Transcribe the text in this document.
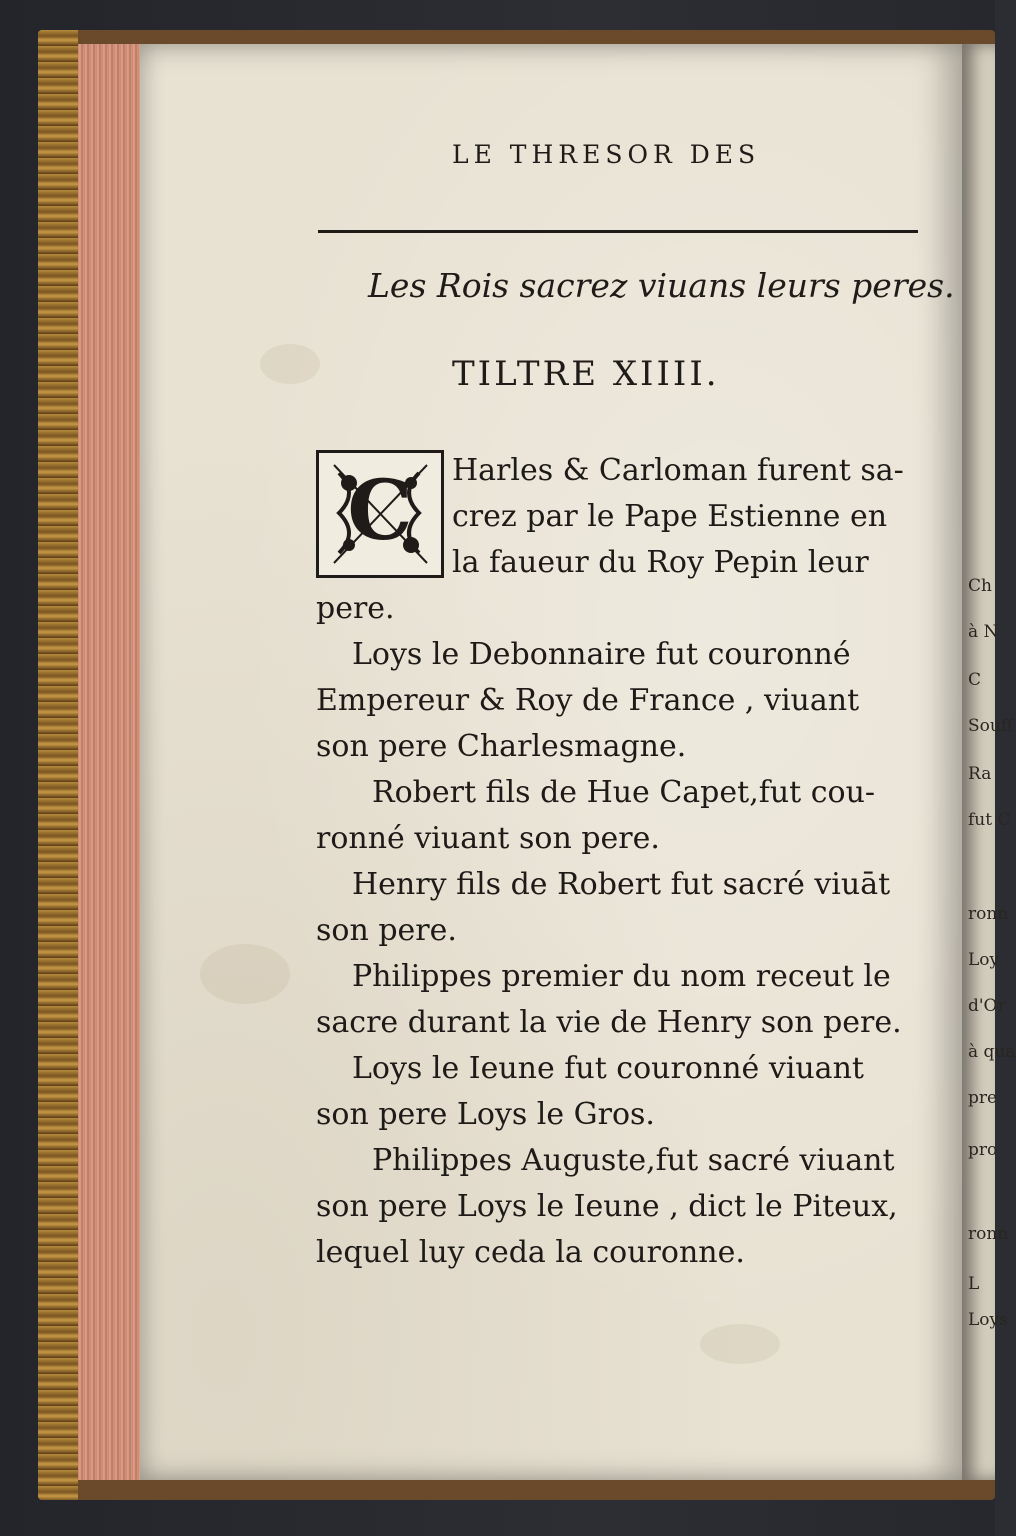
Ch
à N
C
Souff
Ra
fut C
ronn
Loy
d'Or
à qua
pre
pro
ronn
L
Loys
LE THRESOR DES
Les Rois sacrez viuans leurs peres.
TILTRE XIIII.
C Harles & Carloman furent sa-
crez par le Pape Estienne en
la faueur du Roy Pepin leur
pere.
Loys le Debonnaire fut couronné
Empereur & Roy de France , viuant
son pere Charlesmagne.
Robert fils de Hue Capet,fut cou-
ronné viuant son pere.
Henry fils de Robert fut sacré viuāt
son pere.
Philippes premier du nom receut le
sacre durant la vie de Henry son pere.
Loys le Ieune fut couronné viuant
son pere Loys le Gros.
Philippes Auguste,fut sacré viuant
son pere Loys le Ieune , dict le Piteux,
lequel luy ceda la couronne.
